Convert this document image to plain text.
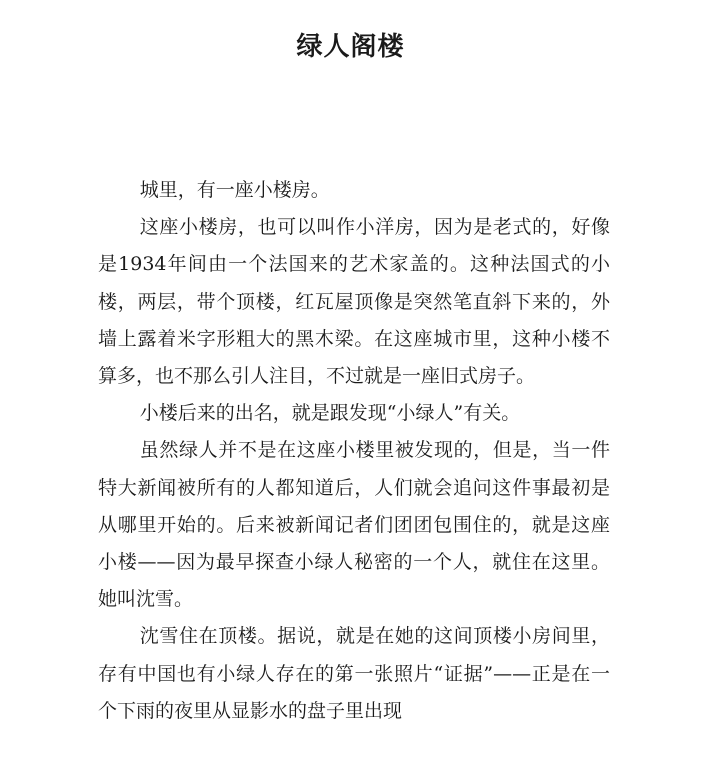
绿人阁楼

城里，有一座小楼房。

这座小楼房，也可以叫作小洋房，因为是老式的，好像是1934年间由一个法国来的艺术家盖的。这种法国式的小楼，两层，带个顶楼，红瓦屋顶像是突然笔直斜下来的，外墙上露着米字形粗大的黑木梁。在这座城市里，这种小楼不算多，也不那么引人注目，不过就是一座旧式房子。

小楼后来的出名，就是跟发现“小绿人”有关。

虽然绿人并不是在这座小楼里被发现的，但是，当一件特大新闻被所有的人都知道后，人们就会追问这件事最初是从哪里开始的。后来被新闻记者们团团包围住的，就是这座小楼——因为最早探查小绿人秘密的一个人，就住在这里。她叫沈雪。

沈雪住在顶楼。据说，就是在她的这间顶楼小房间里，存有中国也有小绿人存在的第一张照片“证据”——正是在一个下雨的夜里从显影水的盘子里出现
